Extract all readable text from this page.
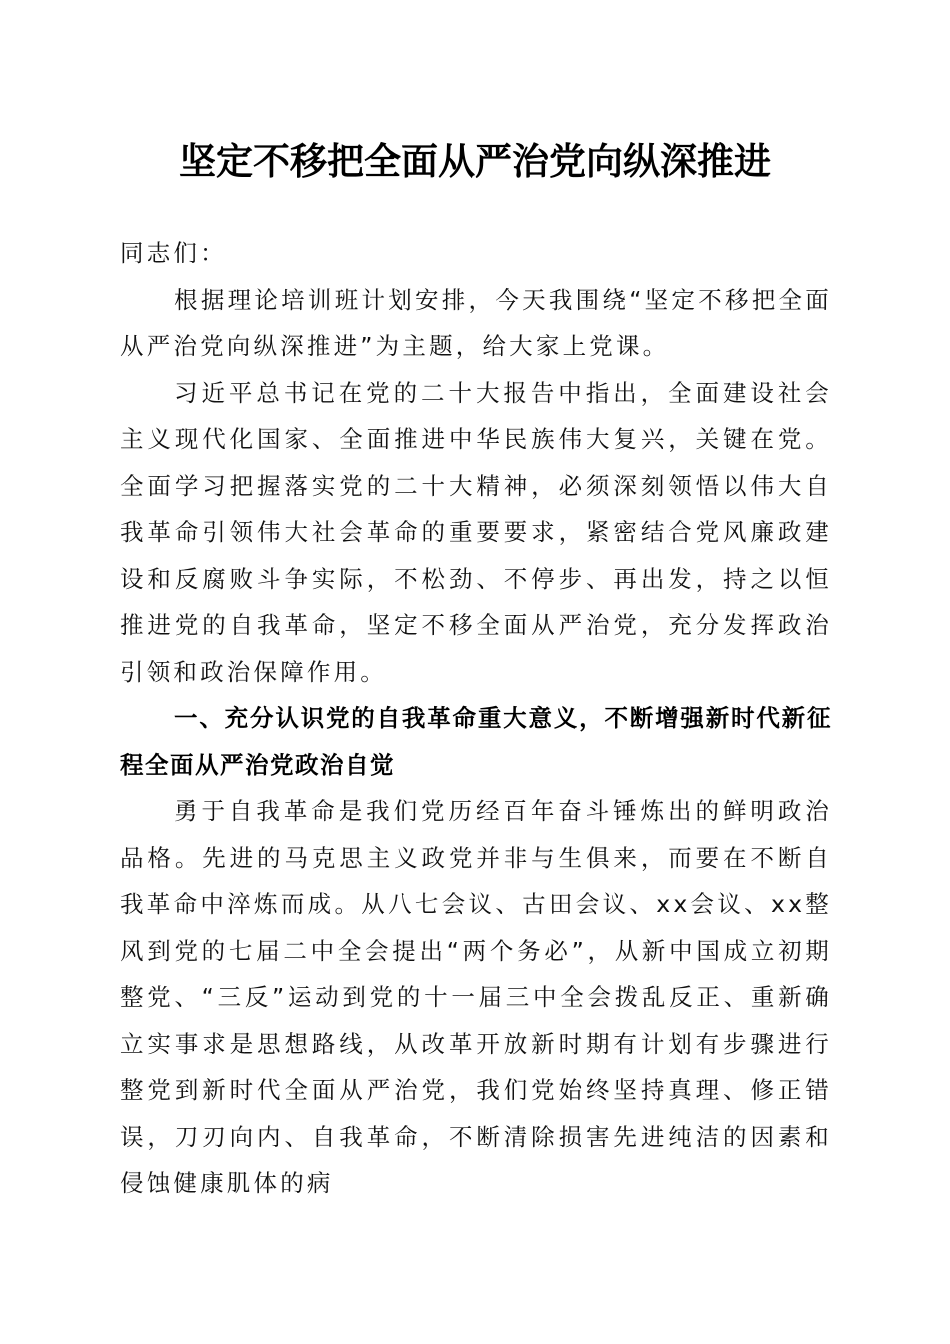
坚定不移把全面从严治党向纵深推进

同志们：

根据理论培训班计划安排，今天我围绕“坚定不移把全面从严治党向纵深推进”为主题，给大家上党课。

习近平总书记在党的二十大报告中指出，全面建设社会主义现代化国家、全面推进中华民族伟大复兴，关键在党。全面学习把握落实党的二十大精神，必须深刻领悟以伟大自我革命引领伟大社会革命的重要要求，紧密结合党风廉政建设和反腐败斗争实际，不松劲、不停步、再出发，持之以恒推进党的自我革命，坚定不移全面从严治党，充分发挥政治引领和政治保障作用。

一、充分认识党的自我革命重大意义，不断增强新时代新征程全面从严治党政治自觉

勇于自我革命是我们党历经百年奋斗锤炼出的鲜明政治品格。先进的马克思主义政党并非与生俱来，而要在不断自我革命中淬炼而成。从八七会议、古田会议、xx会议、xx整风到党的七届二中全会提出“两个务必”，从新中国成立初期整党、“三反”运动到党的十一届三中全会拨乱反正、重新确立实事求是思想路线，从改革开放新时期有计划有步骤进行整党到新时代全面从严治党，我们党始终坚持真理、修正错误，刀刃向内、自我革命，不断清除损害先进纯洁的因素和侵蚀健康肌体的病
